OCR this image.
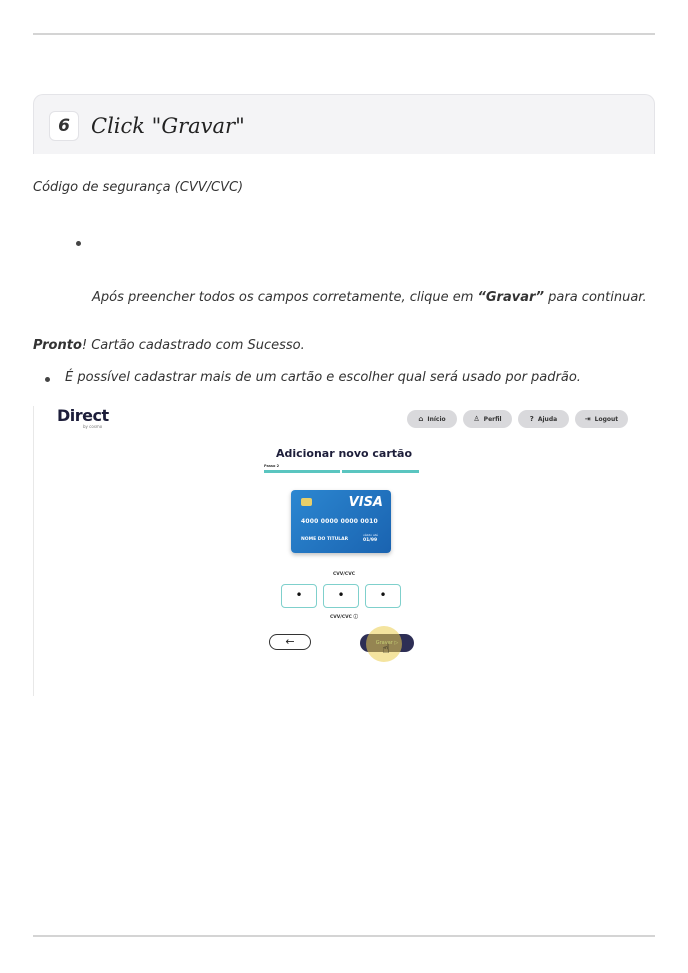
6	Click "Gravar"
Código de segurança (CVV/CVC)
Após preencher todos os campos corretamente, clique em “Gravar” para continuar.
Pronto! Cartão cadastrado com Sucesso.
É possível cadastrar mais de um cartão e escolher qual será usado por padrão.
Direct
by cosmo
⌂ Início	♙ Perfil	? Ajuda	⇥ Logout
Adicionar novo cartão
Passo 2
VISA
4000 0000 0000 0010
NOME DO TITULAR
válido até
01/99
CVV/CVC
•	•	•
CVV/CVC ⓘ
←
☝
